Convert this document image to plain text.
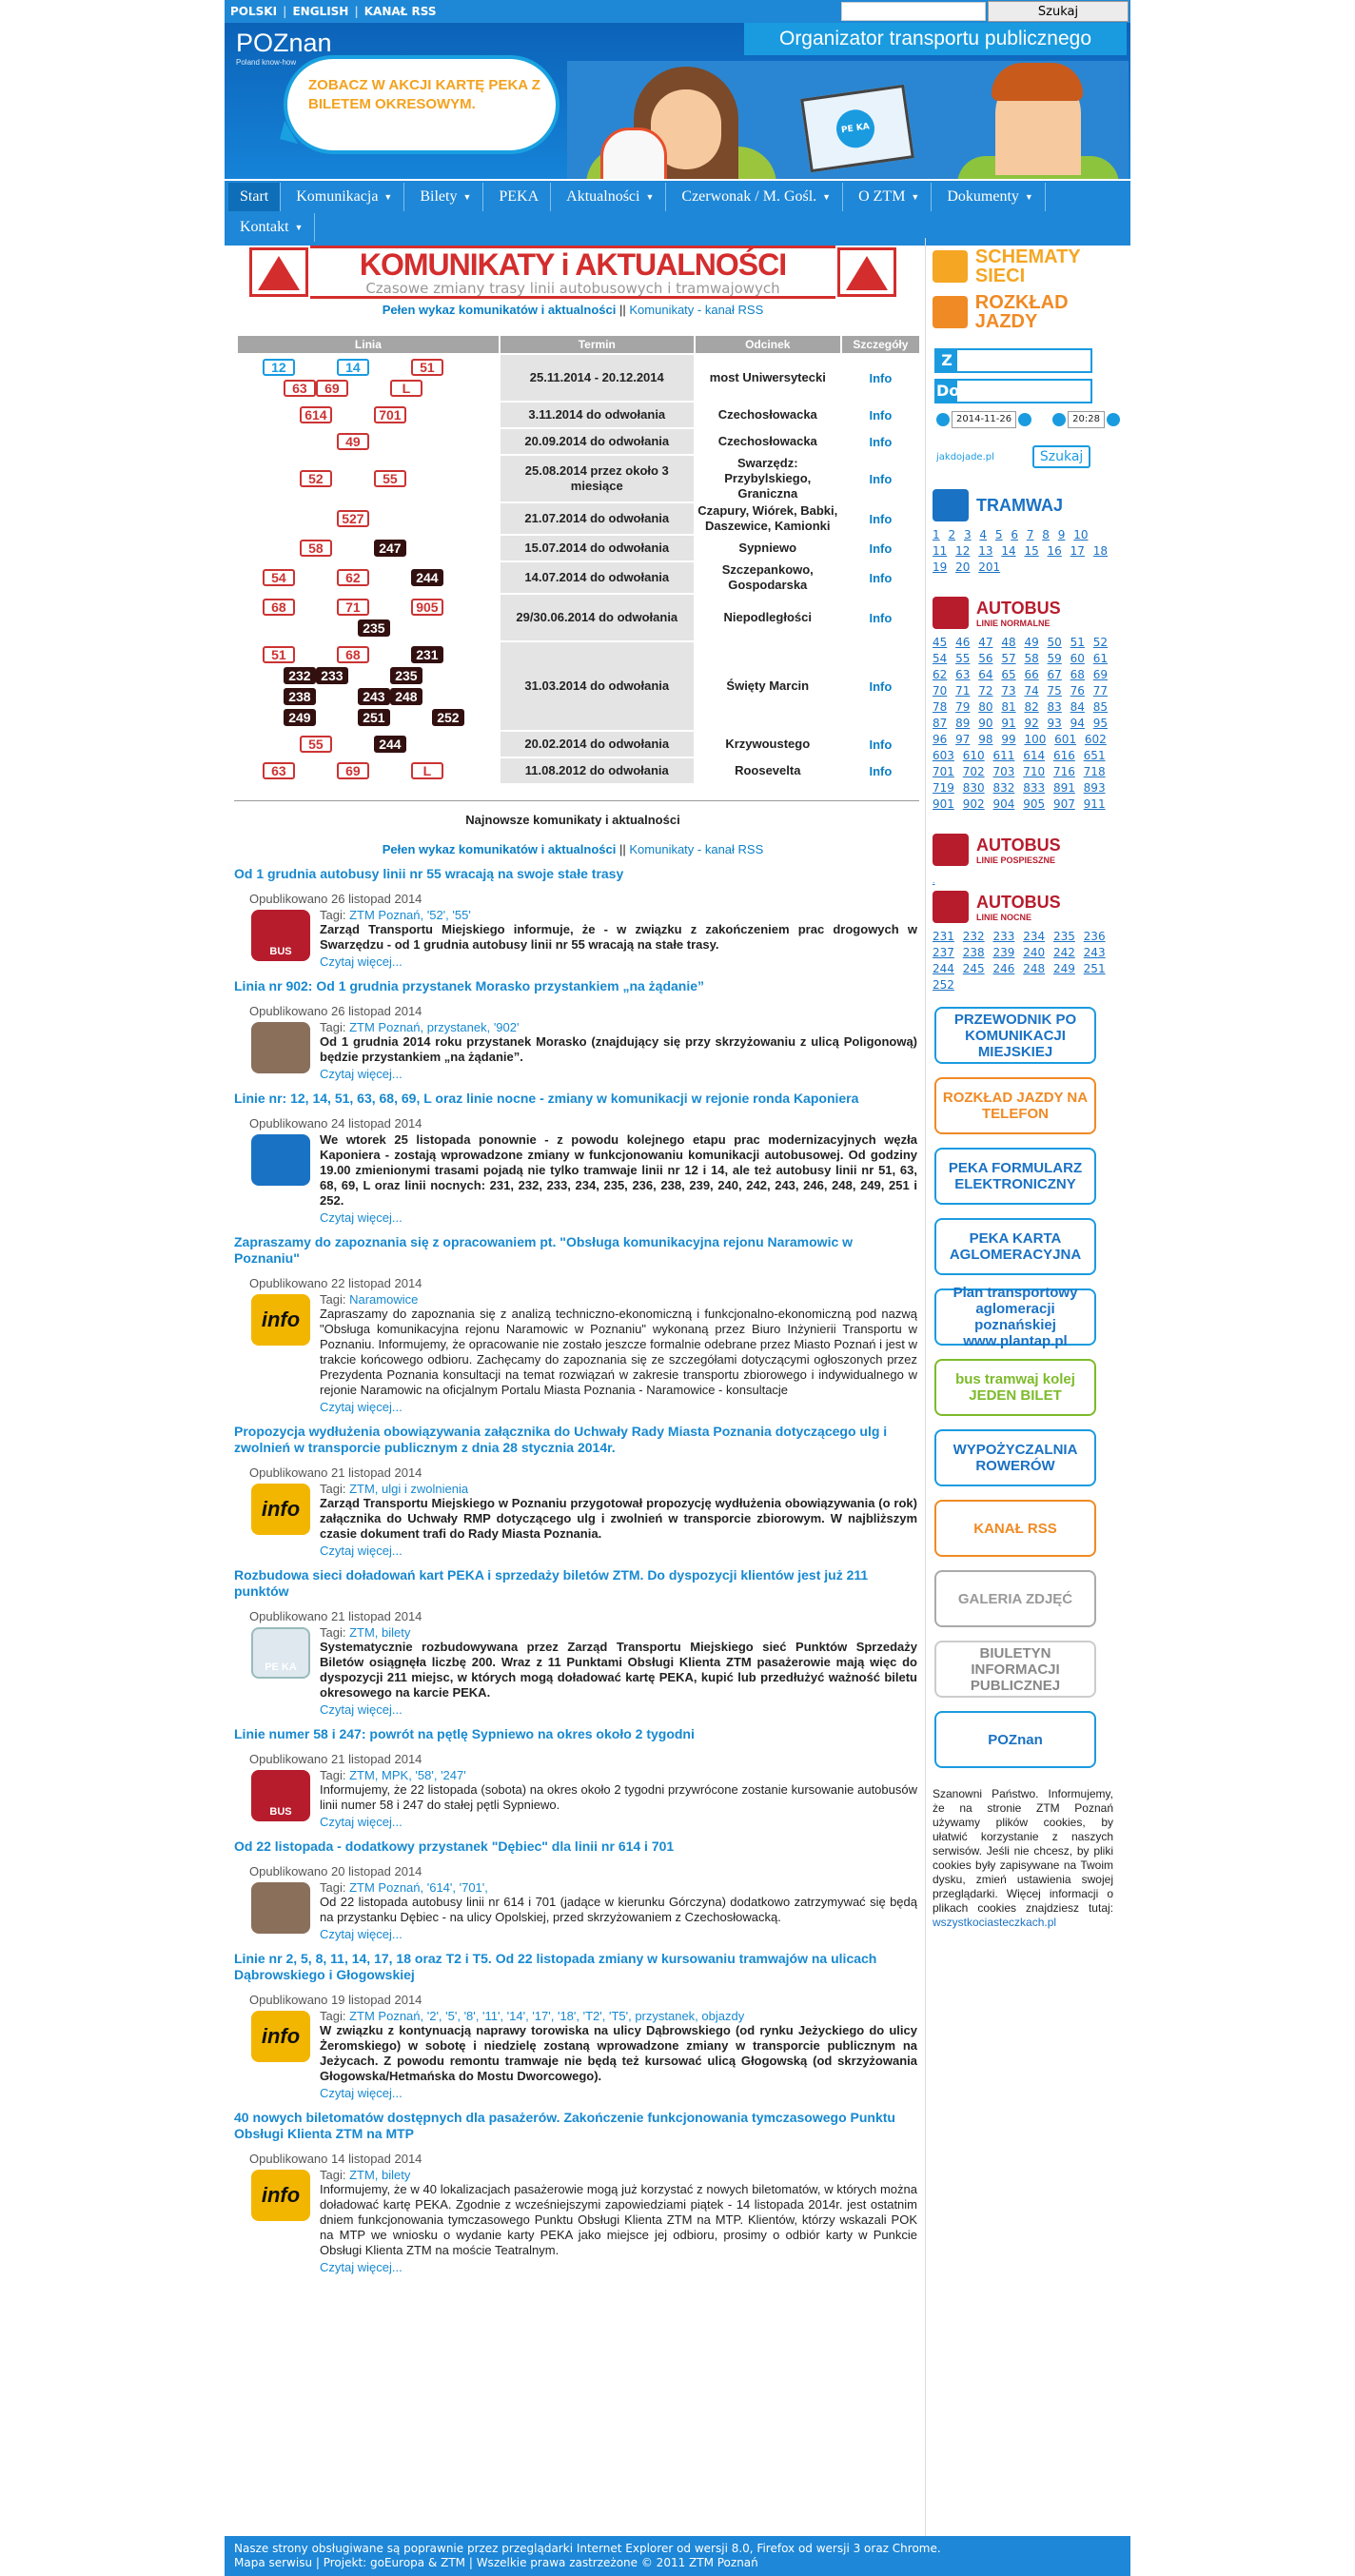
POLSKI | ENGLISH | KANAŁ RSS	Szukaj
POZnan
Poland know-how
ZOBACZ W AKCJI KARTĘ PEKA Z BILETEM OKRESOWYM.
PE KA
Organizator transportu publicznego
Start	Komunikacja ▼	Bilety ▼	PEKA	Aktualności ▼	Czerwonak / M. Gośl. ▼	O ZTM ▼	Dokumenty ▼
Kontakt ▼
KOMUNIKATY i AKTUALNOŚCI
Czasowe zmiany trasy linii autobusowych i tramwajowych
Pełen wykaz komunikatów i aktualności || Komunikaty - kanał RSS
Linia	Termin	Odcinek	Szczegóły
12 14 5163 69 L	25.11.2014 - 20.12.2014	most Uniwersytecki	Info
614 701	3.11.2014 do odwołania	Czechosłowacka	Info
49	20.09.2014 do odwołania	Czechosłowacka	Info
52 55	25.08.2014 przez około 3 miesiące	Swarzędz: Przybylskiego, Graniczna	Info
527	21.07.2014 do odwołania	Czapury, Wiórek, Babki, Daszewice, Kamionki	Info
58 247	15.07.2014 do odwołania	Sypniewo	Info
54 62 244	14.07.2014 do odwołania	Szczepankowo, Gospodarska	Info
68 71 905235	29/30.06.2014 do odwołania	Niepodległości	Info
51 68 231232 233 235238 243 248249 251 252	31.03.2014 do odwołania	Święty Marcin	Info
55 244	20.02.2014 do odwołania	Krzywoustego	Info
63 69 L	11.08.2012 do odwołania	Roosevelta	Info
Najnowsze komunikaty i aktualności
Pełen wykaz komunikatów i aktualności || Komunikaty - kanał RSS
Od 1 grudnia autobusy linii nr 55 wracają na swoje stałe trasy
Opublikowano 26 listopad 2014
BUS
Tagi: ZTM Poznań, '52', '55'
Zarząd Transportu Miejskiego informuje, że - w związku z zakończeniem prac drogowych w Swarzędzu - od 1 grudnia autobusy linii nr 55 wracają na stałe trasy.
Czytaj więcej...
Linia nr 902: Od 1 grudnia przystanek Morasko przystankiem „na żądanie”
Opublikowano 26 listopad 2014
Tagi: ZTM Poznań, przystanek, '902'
Od 1 grudnia 2014 roku przystanek Morasko (znajdujący się przy skrzyżowaniu z ulicą Poligonową) będzie przystankiem „na żądanie”.
Czytaj więcej...
Linie nr: 12, 14, 51, 63, 68, 69, L oraz linie nocne - zmiany w komunikacji w rejonie ronda Kaponiera
Opublikowano 24 listopad 2014
We wtorek 25 listopada ponownie - z powodu kolejnego etapu prac modernizacyjnych węzła Kaponiera - zostają wprowadzone zmiany w funkcjonowaniu komunikacji autobusowej. Od godziny 19.00 zmienionymi trasami pojadą nie tylko tramwaje linii nr 12 i 14, ale też autobusy linii nr 51, 63, 68, 69, L oraz linii nocnych: 231, 232, 233, 234, 235, 236, 238, 239, 240, 242, 243, 246, 248, 249, 251 i 252.
Czytaj więcej...
Zapraszamy do zapoznania się z opracowaniem pt. "Obsługa komunikacyjna rejonu Naramowic w Poznaniu"
Opublikowano 22 listopad 2014
info
Tagi: Naramowice
Zapraszamy do zapoznania się z analizą techniczno-ekonomiczną i funkcjonalno-ekonomiczną pod nazwą "Obsługa komunikacyjna rejonu Naramowic w Poznaniu" wykonaną przez Biuro Inżynierii Transportu w Poznaniu. Informujemy, że opracowanie nie zostało jeszcze formalnie odebrane przez Miasto Poznań i jest w trakcie końcowego odbioru. Zachęcamy do zapoznania się ze szczegółami dotyczącymi ogłoszonych przez Prezydenta Poznania konsultacji na temat rozwiązań w zakresie transportu zbiorowego i indywidualnego w rejonie Naramowic na oficjalnym Portalu Miasta Poznania - Naramowice - konsultacje
Czytaj więcej...
Propozycja wydłużenia obowiązywania załącznika do Uchwały Rady Miasta Poznania dotyczącego ulg i zwolnień w transporcie publicznym z dnia 28 stycznia 2014r.
Opublikowano 21 listopad 2014
info
Tagi: ZTM, ulgi i zwolnienia
Zarząd Transportu Miejskiego w Poznaniu przygotował propozycję wydłużenia obowiązywania (o rok) załącznika do Uchwały RMP dotyczącego ulg i zwolnień w transporcie zbiorowym. W najbliższym czasie dokument trafi do Rady Miasta Poznania.
Czytaj więcej...
Rozbudowa sieci doładowań kart PEKA i sprzedaży biletów ZTM. Do dyspozycji klientów jest już 211 punktów
Opublikowano 21 listopad 2014
PE KA
Tagi: ZTM, bilety
Systematycznie rozbudowywana przez Zarząd Transportu Miejskiego sieć Punktów Sprzedaży Biletów osiągnęła liczbę 200. Wraz z 11 Punktami Obsługi Klienta ZTM pasażerowie mają więc do dyspozycji 211 miejsc, w których mogą doładować kartę PEKA, kupić lub przedłużyć ważność biletu okresowego na karcie PEKA.
Czytaj więcej...
Linie numer 58 i 247: powrót na pętlę Sypniewo na okres około 2 tygodni
Opublikowano 21 listopad 2014
BUS
Tagi: ZTM, MPK, '58', '247'
Informujemy, że 22 listopada (sobota) na okres około 2 tygodni przywrócone zostanie kursowanie autobusów linii numer 58 i 247 do stałej pętli Sypniewo.
Czytaj więcej...
Od 22 listopada - dodatkowy przystanek "Dębiec" dla linii nr 614 i 701
Opublikowano 20 listopad 2014
Tagi: ZTM Poznań, '614', '701',
Od 22 listopada autobusy linii nr 614 i 701 (jadące w kierunku Górczyna) dodatkowo zatrzymywać się będą na przystanku Dębiec - na ulicy Opolskiej, przed skrzyżowaniem z Czechosłowacką.
Czytaj więcej...
Linie nr 2, 5, 8, 11, 14, 17, 18 oraz T2 i T5. Od 22 listopada zmiany w kursowaniu tramwajów na ulicach Dąbrowskiego i Głogowskiej
Opublikowano 19 listopad 2014
info
Tagi: ZTM Poznań, '2', '5', '8', '11', '14', '17', '18', 'T2', 'T5', przystanek, objazdy
W związku z kontynuacją naprawy torowiska na ulicy Dąbrowskiego (od rynku Jeżyckiego do ulicy Żeromskiego) w sobotę i niedzielę zostaną wprowadzone zmiany w transporcie publicznym na Jeżycach. Z powodu remontu tramwaje nie będą też kursować ulicą Głogowską (od skrzyżowania Głogowska/Hetmańska do Mostu Dworcowego).
Czytaj więcej...
40 nowych biletomatów dostępnych dla pasażerów. Zakończenie funkcjonowania tymczasowego Punktu Obsługi Klienta ZTM na MTP
Opublikowano 14 listopad 2014
info
Tagi: ZTM, bilety
Informujemy, że w 40 lokalizacjach pasażerowie mogą już korzystać z nowych biletomatów, w których można doładować kartę PEKA. Zgodnie z wcześniejszymi zapowiedziami piątek - 14 listopada 2014r. jest ostatnim dniem funkcjonowania tymczasowego Punktu Obsługi Klienta ZTM na MTP. Klientów, którzy wskazali POK na MTP we wniosku o wydanie karty PEKA jako miejsce jej odbioru, prosimy o odbiór karty w Punkcie Obsługi Klienta ZTM na moście Teatralnym.
Czytaj więcej...
SCHEMATY SIECI
ROZKŁAD JAZDY
Z
Do
2014-11-26	20:28
jakdojade.pl	Szukaj
TRAMWAJ
1 2 3 4 5 6 7 8 9 10 11 12 13 14 15 16 17 18 19 20 201
AUTOBUS
LINIE NORMALNE
45 46 47 48 49 50 51 52 54 55 56 57 58 59 60 61 62 63 64 65 66 67 68 69 70 71 72 73 74 75 76 77 78 79 80 81 82 83 84 85 87 89 90 91 92 93 94 95 96 97 98 99 100 601 602 603 610 611 614 616 651 701 702 703 710 716 718 719 830 832 833 891 893 901 902 904 905 907 911
AUTOBUS
LINIE POSPIESZNE
.
AUTOBUS
LINIE NOCNE
231 232 233 234 235 236 237 238 239 240 242 243 244 245 246 248 249 251 252
PRZEWODNIK PO KOMUNIKACJI MIEJSKIEJ
ROZKŁAD JAZDY NA TELEFON
PEKA FORMULARZ ELEKTRONICZNY
PEKA KARTA AGLOMERACYJNA
Plan transportowy aglomeracji poznańskiej www.plantap.pl
bus tramwaj kolej JEDEN BILET
WYPOŻYCZALNIA ROWERÓW
KANAŁ RSS
GALERIA ZDJĘĆ
BIULETYN INFORMACJI PUBLICZNEJ
POZnan
Szanowni Państwo. Informujemy, że na stronie ZTM Poznań używamy plików cookies, by ułatwić korzystanie z naszych serwisów. Jeśli nie chcesz, by pliki cookies były zapisywane na Twoim dysku, zmień ustawienia swojej przeglądarki. Więcej informacji o plikach cookies znajdziesz tutaj: wszystkociasteczkach.pl
Nasze strony obsługiwane są poprawnie przez przeglądarki Internet Explorer od wersji 8.0, Firefox od wersji 3 oraz Chrome.
Mapa serwisu | Projekt: goEuropa & ZTM | Wszelkie prawa zastrzeżone © 2011 ZTM Poznań
